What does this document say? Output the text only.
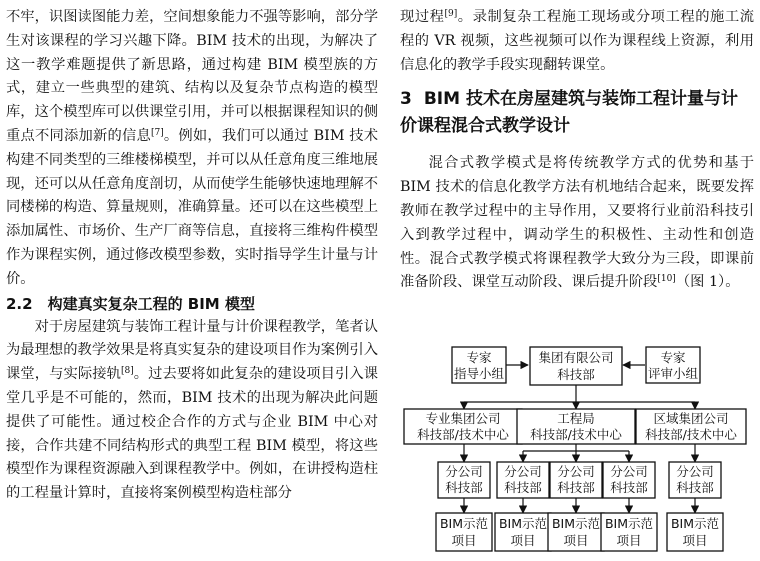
不牢，识图读图能力差，空间想象能力不强等影响，部分学生对该课程的学习兴趣下降。BIM 技术的出现，为解决了这一教学难题提供了新思路，通过构建 BIM 模型族的方式，建立一些典型的建筑、结构以及复杂节点构造的模型库，这个模型库可以供课堂引用，并可以根据课程知识的侧重点不同添加新的信息[7]。例如，我们可以通过 BIM 技术构建不同类型的三维楼梯模型，并可以从任意角度三维地展现，还可以从任意角度剖切，从而使学生能够快速地理解不同楼梯的构造、算量规则，准确算量。还可以在这些模型上添加属性、市场价、生产厂商等信息，直接将三维构件模型作为课程实例，通过修改模型参数，实时指导学生计量与计价。

2.2　构建真实复杂工程的 BIM 模型

对于房屋建筑与装饰工程计量与计价课程教学，笔者认为最理想的教学效果是将真实复杂的建设项目作为案例引入课堂，与实际接轨[8]。过去要将如此复杂的建设项目引入课堂几乎是不可能的，然而，BIM 技术的出现为解决此问题提供了可能性。通过校企合作的方式与企业 BIM 中心对接，合作共建不同结构形式的典型工程 BIM 模型，将这些模型作为课程资源融入到课程教学中。例如，在讲授构造柱的工程量计算时，直接将案例模型构造柱部分

现过程[9]。录制复杂工程施工现场或分项工程的施工流程的 VR 视频，这些视频可以作为课程线上资源，利用信息化的教学手段实现翻转课堂。

3 BIM 技术在房屋建筑与装饰工程计量与计价课程混合式教学设计

混合式教学模式是将传统教学方式的优势和基于 BIM 技术的信息化教学方法有机地结合起来，既要发挥教师在教学过程中的主导作用，又要将行业前沿科技引入到教学过程中，调动学生的积极性、主动性和创造性。混合式教学模式将课程教学大致分为三段，即课前准备阶段、课堂互动阶段、课后提升阶段[10]（图 1）。

专家
指导小组
集团有限公司
科技部
专家
评审小组
专业集团公司
科技部/技术中心
工程局
科技部/技术中心
区域集团公司
科技部/技术中心
分公司
科技部
分公司
科技部
分公司
科技部
分公司
科技部
分公司
科技部
BIM示范
项目
BIM示范
项目
BIM示范
项目
BIM示范
项目
BIM示范
项目
